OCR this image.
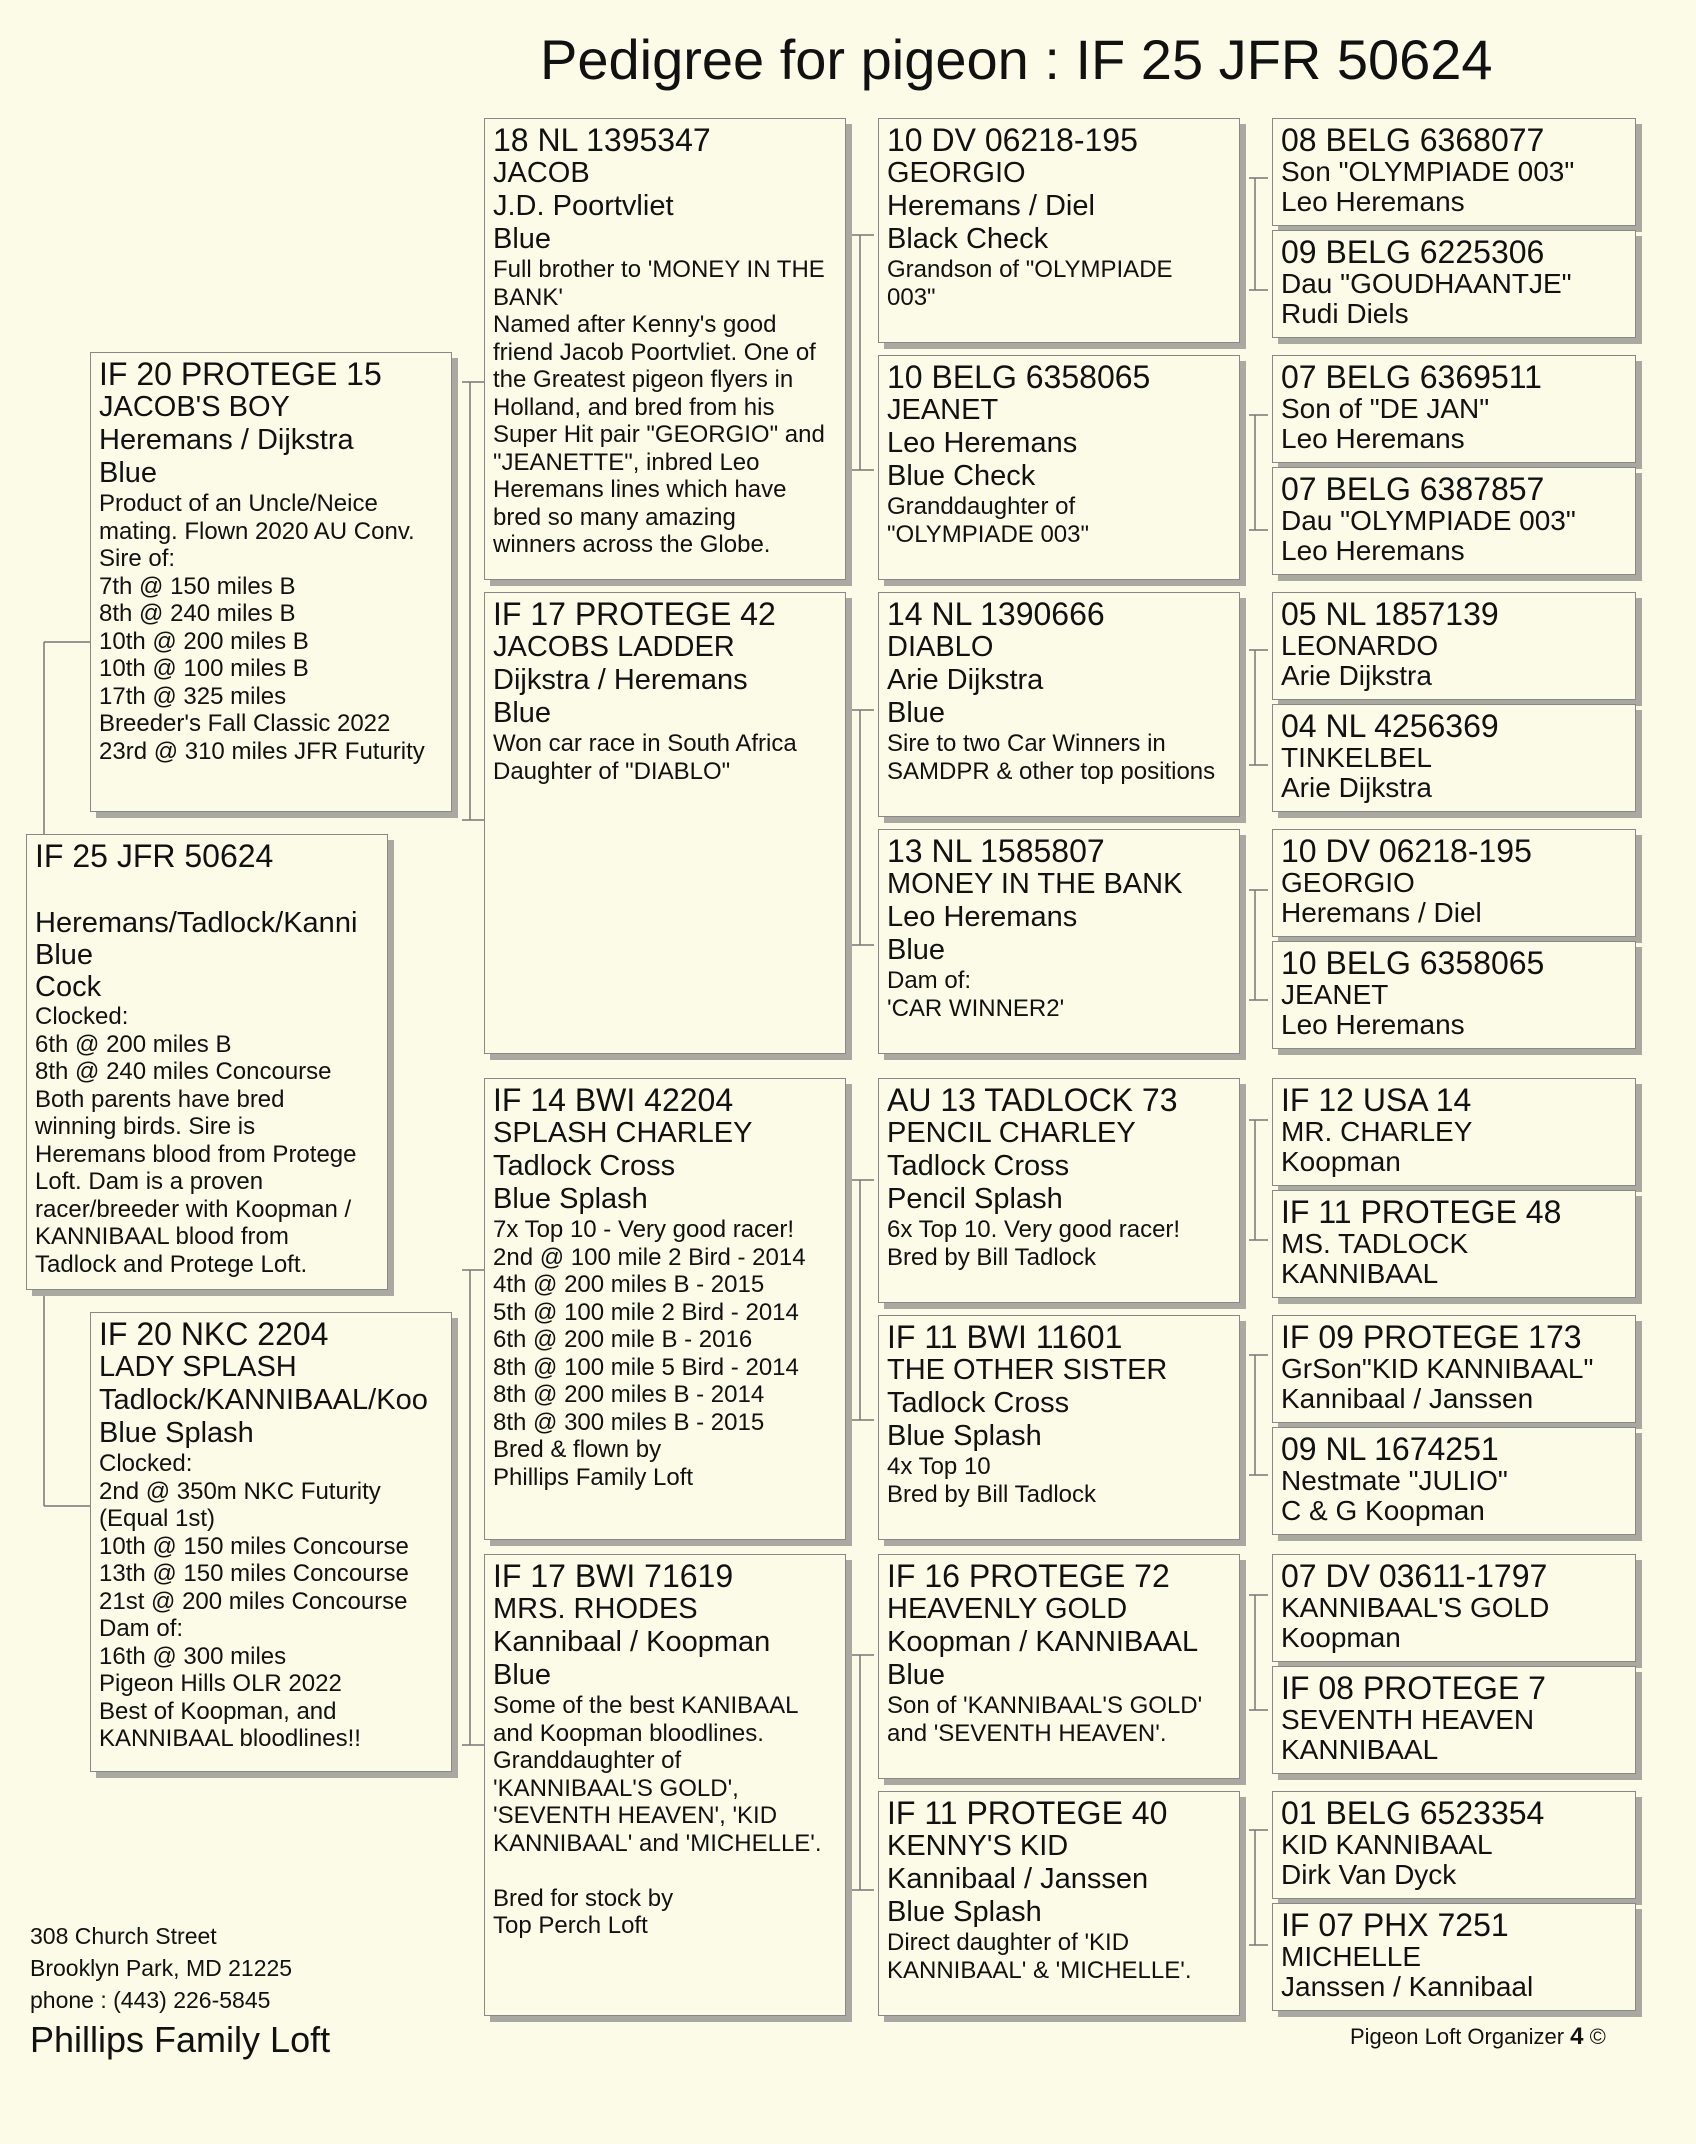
Pedigree for pigeon : IF 25 JFR 50624
IF 25 JFR 50624
Heremans/Tadlock/Kanni
Blue
Cock
Clocked:
6th @ 200 miles B
8th @ 240 miles Concourse
Both parents have bred
winning birds. Sire is
Heremans blood from Protege
Loft. Dam is a proven
racer/breeder with Koopman /
KANNIBAAL blood from
Tadlock and Protege Loft.
IF 20 PROTEGE 15
JACOB'S BOY
Heremans / Dijkstra
Blue
Product of an Uncle/Neice
mating. Flown 2020 AU Conv.
Sire of:
7th @ 150 miles B
8th @ 240 miles B
10th @ 200 miles B
10th @ 100 miles B
17th @ 325 miles
Breeder's Fall Classic 2022
23rd @ 310 miles JFR Futurity
IF 20 NKC 2204
LADY SPLASH
Tadlock/KANNIBAAL/Koo
Blue Splash
Clocked:
2nd @ 350m NKC Futurity
(Equal 1st)
10th @ 150 miles Concourse
13th @ 150 miles Concourse
21st @ 200 miles Concourse
Dam of:
16th @ 300 miles
Pigeon Hills OLR 2022
Best of Koopman, and
KANNIBAAL bloodlines!!
18 NL 1395347
JACOB
J.D. Poortvliet
Blue
Full brother to 'MONEY IN THE
BANK'
Named after Kenny's good
friend Jacob Poortvliet. One of
the Greatest pigeon flyers in
Holland, and bred from his
Super Hit pair "GEORGIO" and
"JEANETTE", inbred Leo
Heremans lines which have
bred so many amazing
winners across the Globe.
IF 17 PROTEGE 42
JACOBS LADDER
Dijkstra / Heremans
Blue
Won car race in South Africa
Daughter of "DIABLO"
IF 14 BWI 42204
SPLASH CHARLEY
Tadlock Cross
Blue Splash
7x Top 10 - Very good racer!
2nd @ 100 mile 2 Bird - 2014
4th @ 200 miles B - 2015
5th @ 100 mile 2 Bird - 2014
6th @ 200 mile B - 2016
8th @ 100 mile 5 Bird - 2014
8th @ 200 miles B - 2014
8th @ 300 miles B - 2015
Bred & flown by
Phillips Family Loft
IF 17 BWI 71619
MRS. RHODES
Kannibaal / Koopman
Blue
Some of the best KANIBAAL
and Koopman bloodlines.
Granddaughter of
'KANNIBAAL'S GOLD',
'SEVENTH HEAVEN', 'KID
KANNIBAAL' and 'MICHELLE'.
Bred for stock by
Top Perch Loft
10 DV 06218-195
GEORGIO
Heremans / Diel
Black Check
Grandson of "OLYMPIADE
003"
10 BELG 6358065
JEANET
Leo Heremans
Blue Check
Granddaughter of
"OLYMPIADE 003"
14 NL 1390666
DIABLO
Arie Dijkstra
Blue
Sire to two Car Winners in
SAMDPR & other top positions
13 NL 1585807
MONEY IN THE BANK
Leo Heremans
Blue
Dam of:
'CAR WINNER2'
AU 13 TADLOCK 73
PENCIL CHARLEY
Tadlock Cross
Pencil Splash
6x Top 10. Very good racer!
Bred by Bill Tadlock
IF 11 BWI 11601
THE OTHER SISTER
Tadlock Cross
Blue Splash
4x Top 10
Bred by Bill Tadlock
IF 16 PROTEGE 72
HEAVENLY GOLD
Koopman / KANNIBAAL
Blue
Son of 'KANNIBAAL'S GOLD'
and 'SEVENTH HEAVEN'.
IF 11 PROTEGE 40
KENNY'S KID
Kannibaal / Janssen
Blue Splash
Direct daughter of 'KID
KANNIBAAL' & 'MICHELLE'.
08 BELG 6368077
Son "OLYMPIADE 003"
Leo Heremans
09 BELG 6225306
Dau "GOUDHAANTJE"
Rudi Diels
07 BELG 6369511
Son of "DE JAN"
Leo Heremans
07 BELG 6387857
Dau "OLYMPIADE 003"
Leo Heremans
05 NL 1857139
LEONARDO
Arie Dijkstra
04 NL 4256369
TINKELBEL
Arie Dijkstra
10 DV 06218-195
GEORGIO
Heremans / Diel
10 BELG 6358065
JEANET
Leo Heremans
IF 12 USA 14
MR. CHARLEY
Koopman
IF 11 PROTEGE 48
MS. TADLOCK
KANNIBAAL
IF 09 PROTEGE 173
GrSon"KID KANNIBAAL"
Kannibaal / Janssen
09 NL 1674251
Nestmate "JULIO"
C & G Koopman
07 DV 03611-1797
KANNIBAAL'S GOLD
Koopman
IF 08 PROTEGE 7
SEVENTH HEAVEN
KANNIBAAL
01 BELG 6523354
KID KANNIBAAL
Dirk Van Dyck
IF 07 PHX 7251
MICHELLE
Janssen / Kannibaal
308 Church Street
Brooklyn Park, MD 21225
phone : (443) 226-5845
Phillips Family Loft	Pigeon Loft Organizer 4 ©
